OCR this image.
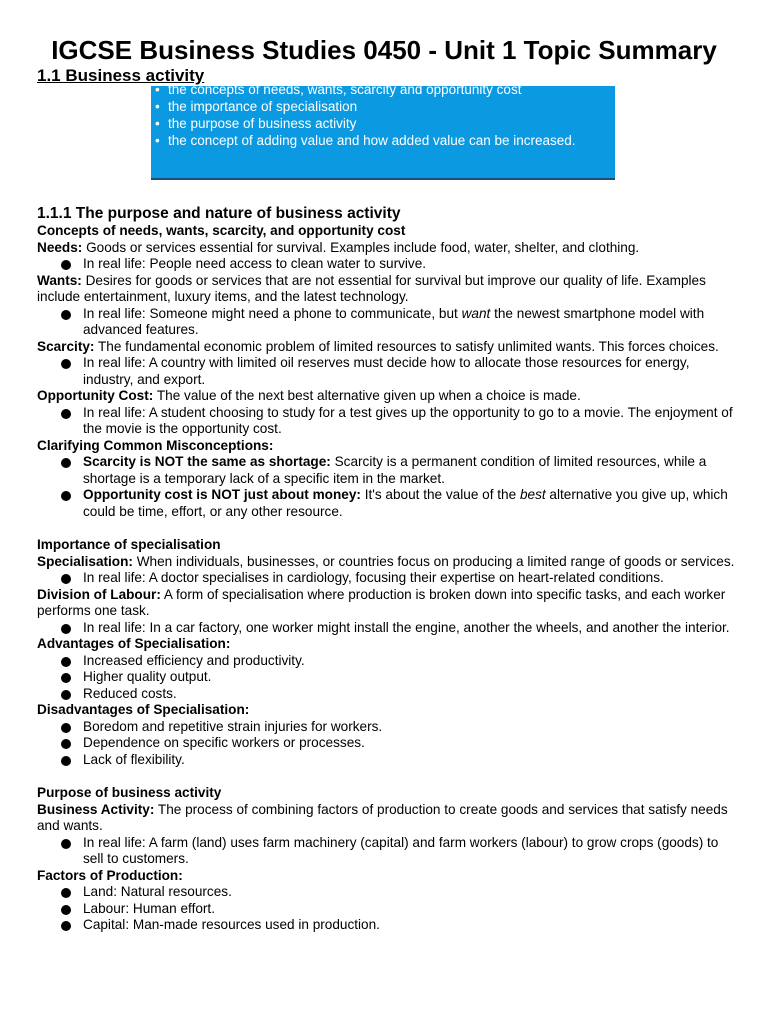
IGCSE Business Studies 0450 - Unit 1 Topic Summary
1.1 Business activity
• the concepts of needs, wants, scarcity and opportunity cost
• the importance of specialisation
• the purpose of business activity
• the concept of adding value and how added value can be increased.
1.1.1 The purpose and nature of business activity
Concepts of needs, wants, scarcity, and opportunity cost
Needs: Goods or services essential for survival. Examples include food, water, shelter, and clothing.
In real life: People need access to clean water to survive.
Wants: Desires for goods or services that are not essential for survival but improve our quality of life. Examples include entertainment, luxury items, and the latest technology.
In real life: Someone might need a phone to communicate, but want the newest smartphone model with advanced features.
Scarcity: The fundamental economic problem of limited resources to satisfy unlimited wants. This forces choices.
In real life: A country with limited oil reserves must decide how to allocate those resources for energy, industry, and export.
Opportunity Cost: The value of the next best alternative given up when a choice is made.
In real life: A student choosing to study for a test gives up the opportunity to go to a movie. The enjoyment of the movie is the opportunity cost.
Clarifying Common Misconceptions:
Scarcity is NOT the same as shortage: Scarcity is a permanent condition of limited resources, while a shortage is a temporary lack of a specific item in the market.
Opportunity cost is NOT just about money: It's about the value of the best alternative you give up, which could be time, effort, or any other resource.
Importance of specialisation
Specialisation: When individuals, businesses, or countries focus on producing a limited range of goods or services.
In real life: A doctor specialises in cardiology, focusing their expertise on heart-related conditions.
Division of Labour: A form of specialisation where production is broken down into specific tasks, and each worker performs one task.
In real life: In a car factory, one worker might install the engine, another the wheels, and another the interior.
Advantages of Specialisation:
Increased efficiency and productivity.
Higher quality output.
Reduced costs.
Disadvantages of Specialisation:
Boredom and repetitive strain injuries for workers.
Dependence on specific workers or processes.
Lack of flexibility.
Purpose of business activity
Business Activity: The process of combining factors of production to create goods and services that satisfy needs and wants.
In real life: A farm (land) uses farm machinery (capital) and farm workers (labour) to grow crops (goods) to sell to customers.
Factors of Production:
Land: Natural resources.
Labour: Human effort.
Capital: Man-made resources used in production.
